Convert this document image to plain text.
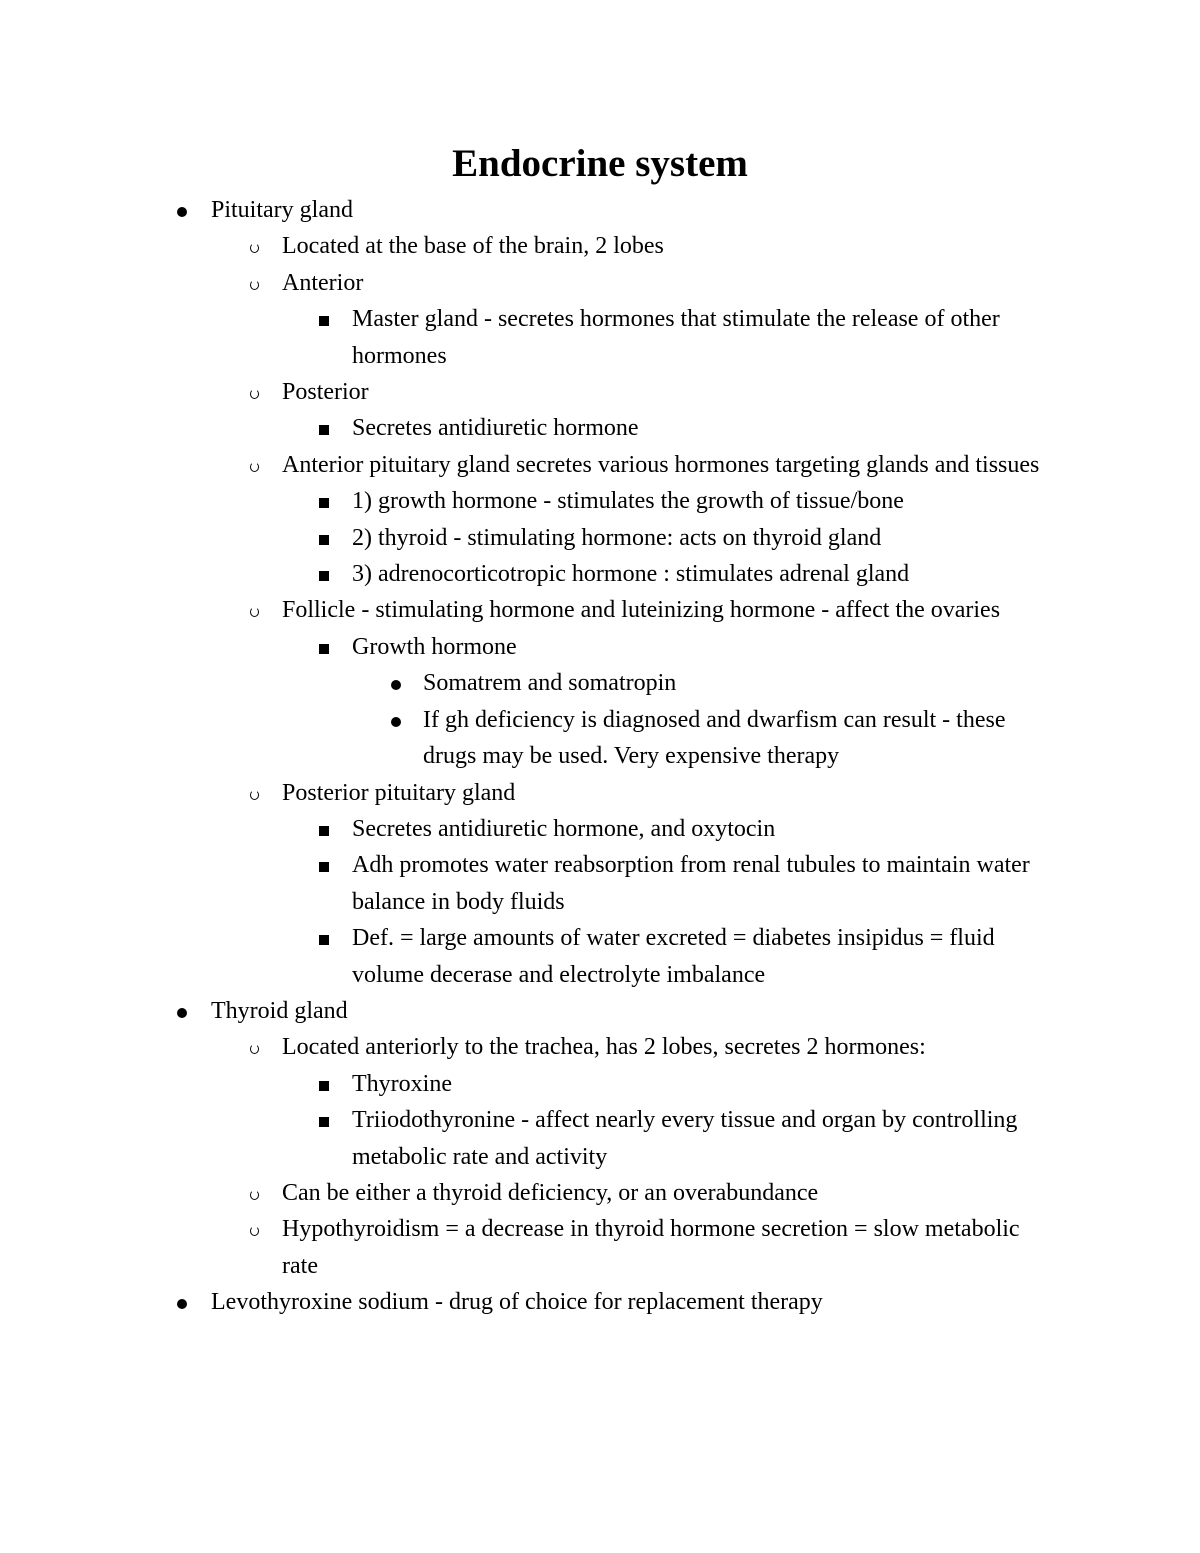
Endocrine system
Pituitary gland
Located at the base of the brain, 2 lobes
Anterior
Master gland - secretes hormones that stimulate the release of other hormones
Posterior
Secretes antidiuretic hormone
Anterior pituitary gland secretes various hormones targeting glands and tissues
1) growth hormone - stimulates the growth of tissue/bone
2) thyroid - stimulating hormone: acts on thyroid gland
3) adrenocorticotropic hormone : stimulates adrenal gland
Follicle - stimulating hormone and luteinizing hormone - affect the ovaries
Growth hormone
Somatrem and somatropin
If gh deficiency is diagnosed and dwarfism can result - these drugs may be used. Very expensive therapy
Posterior pituitary gland
Secretes antidiuretic hormone, and oxytocin
Adh promotes water reabsorption from renal tubules to maintain water balance in body fluids
Def. = large amounts of water excreted = diabetes insipidus = fluid volume decerase and electrolyte imbalance
Thyroid gland
Located anteriorly to the trachea, has 2 lobes, secretes 2 hormones:
Thyroxine
Triiodothyronine - affect nearly every tissue and organ by controlling metabolic rate and activity
Can be either a thyroid deficiency, or an overabundance
Hypothyroidism = a decrease in thyroid hormone secretion = slow metabolic rate
Levothyroxine sodium - drug of choice for replacement therapy
